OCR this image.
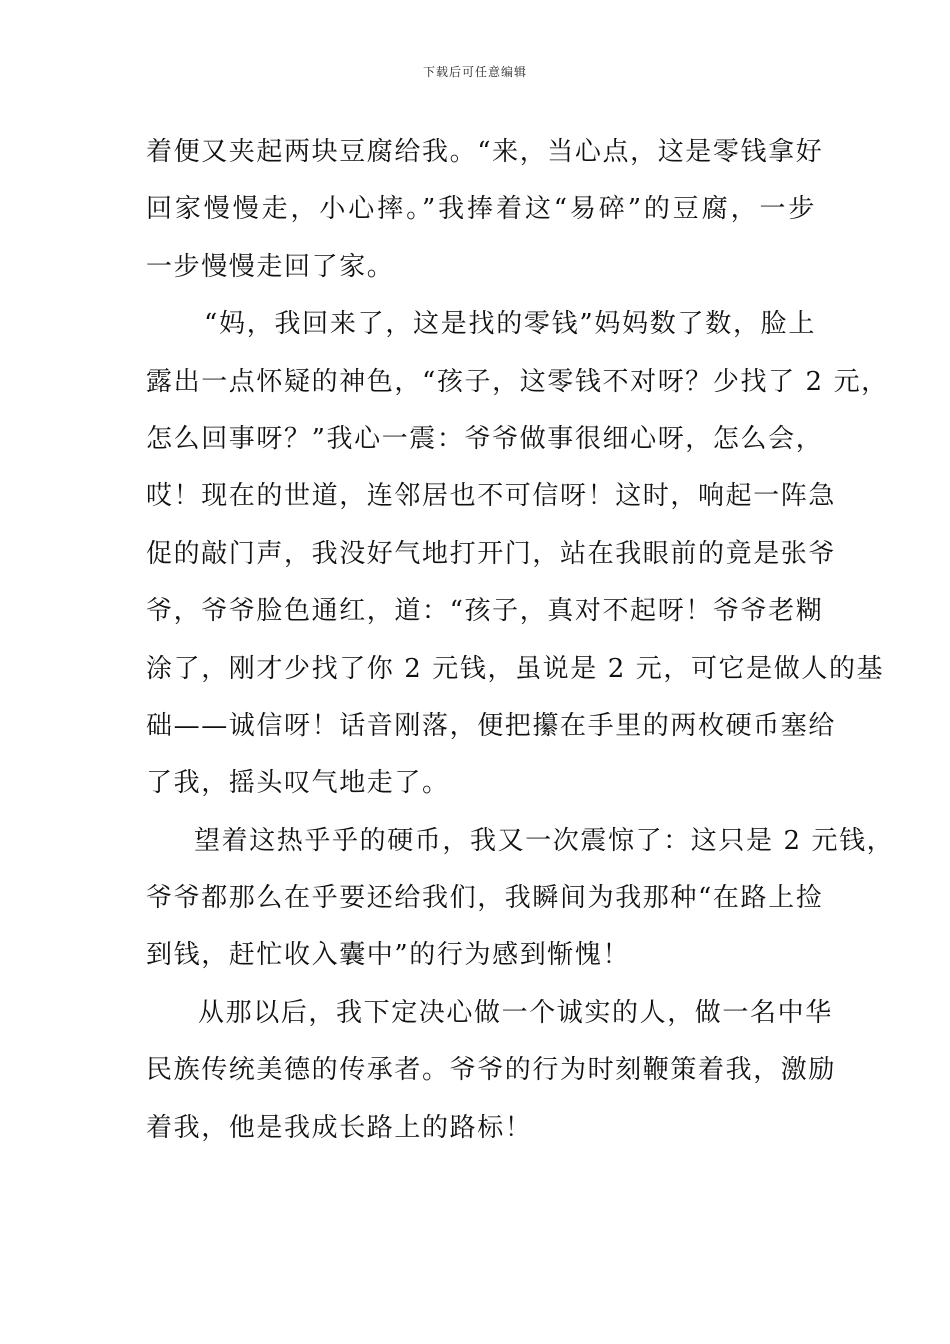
下载后可任意编辑
着便又夹起两块豆腐给我。“来，当心点，这是零钱拿好
回家慢慢走，小心摔。”我捧着这“易碎”的豆腐，一步
一步慢慢走回了家。
“妈，我回来了，这是找的零钱”妈妈数了数，脸上
露出一点怀疑的神色，“孩子，这零钱不对呀？少找了 2 元，
怎么回事呀？”我心一震：爷爷做事很细心呀，怎么会，
哎！现在的世道，连邻居也不可信呀！这时，响起一阵急
促的敲门声，我没好气地打开门，站在我眼前的竟是张爷
爷，爷爷脸色通红，道：“孩子，真对不起呀！爷爷老糊
涂了，刚才少找了你 2 元钱，虽说是 2 元，可它是做人的基
础——诚信呀！话音刚落，便把攥在手里的两枚硬币塞给
了我，摇头叹气地走了。
望着这热乎乎的硬币，我又一次震惊了：这只是 2 元钱，
爷爷都那么在乎要还给我们，我瞬间为我那种“在路上捡
到钱，赶忙收入囊中”的行为感到惭愧！
从那以后，我下定决心做一个诚实的人，做一名中华
民族传统美德的传承者。爷爷的行为时刻鞭策着我，激励
着我，他是我成长路上的路标！
